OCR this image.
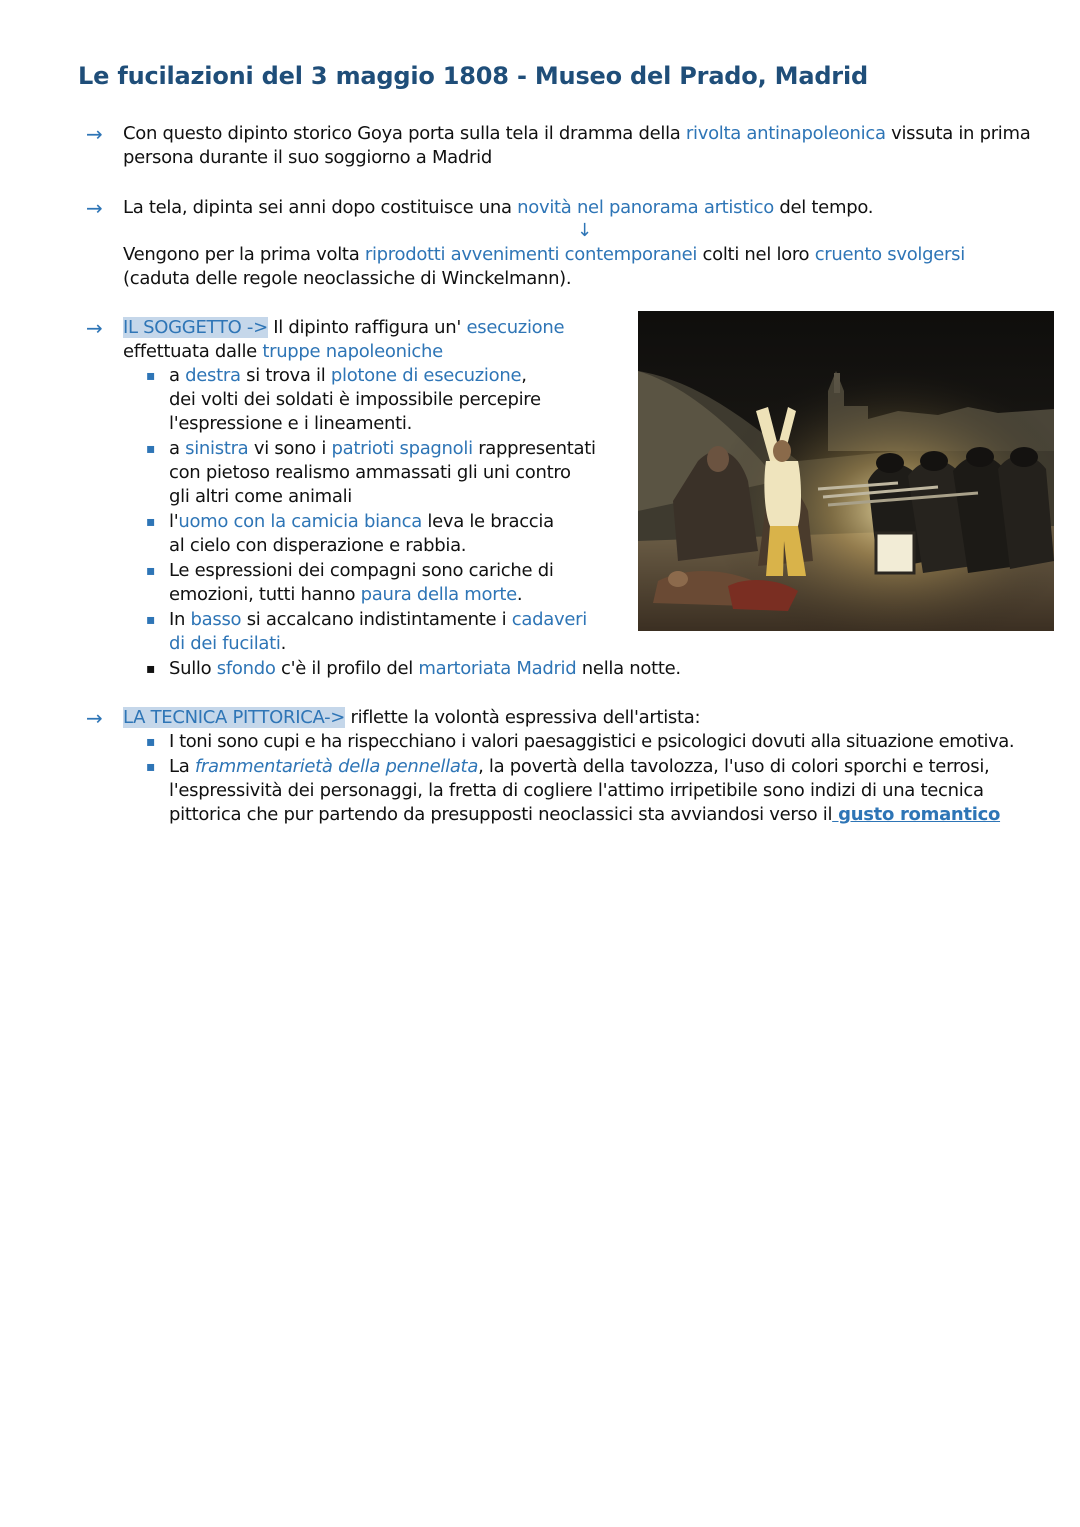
Le fucilazioni del 3 maggio 1808 - Museo del Prado, Madrid
→ Con questo dipinto storico Goya porta sulla tela il dramma della rivolta antinapoleonica vissuta in prima
persona durante il suo soggiorno a Madrid
→ La tela, dipinta sei anni dopo costituisce una novità nel panorama artistico del tempo.
↓
Vengono per la prima volta riprodotti avvenimenti contemporanei colti nel loro cruento svolgersi
(caduta delle regole neoclassiche di Winckelmann).
→ IL SOGGETTO -> Il dipinto raffigura un' esecuzione
effettuata dalle truppe napoleoniche
▪ a destra si trova il plotone di esecuzione,
dei volti dei soldati è impossibile percepire
l'espressione e i lineamenti.
▪ a sinistra vi sono i patrioti spagnoli rappresentati
con pietoso realismo ammassati gli uni contro
gli altri come animali
▪ l'uomo con la camicia bianca leva le braccia
al cielo con disperazione e rabbia.
▪ Le espressioni dei compagni sono cariche di
emozioni, tutti hanno paura della morte.
▪ In basso si accalcano indistintamente i cadaveri
di dei fucilati.
▪ Sullo sfondo c'è il profilo del martoriata Madrid nella notte.
→ LA TECNICA PITTORICA-> riflette la volontà espressiva dell'artista:
▪ I toni sono cupi e ha rispecchiano i valori paesaggistici e psicologici dovuti alla situazione emotiva.
▪ La frammentarietà della pennellata, la povertà della tavolozza, l'uso di colori sporchi e terrosi,
l'espressività dei personaggi, la fretta di cogliere l'attimo irripetibile sono indizi di una tecnica
pittorica che pur partendo da presupposti neoclassici sta avviandosi verso il gusto romantico
